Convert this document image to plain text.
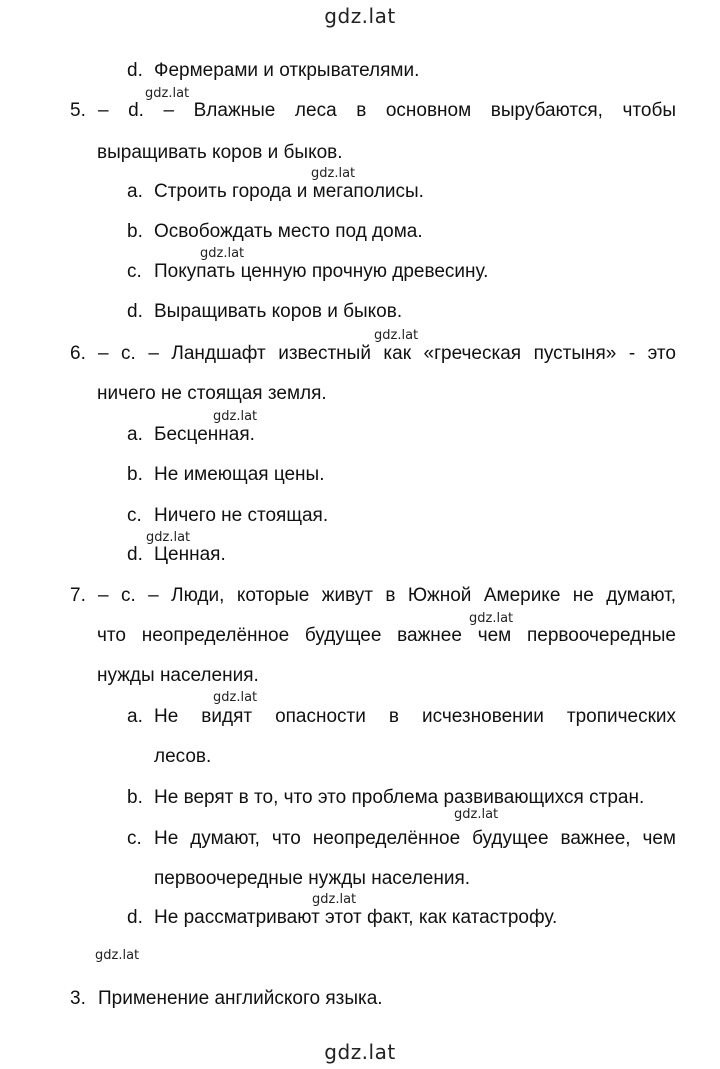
gdz.lat
gdz.lat
gdz.lat
gdz.lat
gdz.lat
gdz.lat
gdz.lat
gdz.lat
gdz.lat
gdz.lat
gdz.lat
gdz.lat
gdz.lat
d. Фермерами и открывателями.
5. – d. – Влажные леса в основном вырубаются, чтобы
выращивать коров и быков.
a. Строить города и мегаполисы.
b. Освобождать место под дома.
c. Покупать ценную прочную древесину.
d. Выращивать коров и быков.
6. – c. – Ландшафт известный как «греческая пустыня» - это
ничего не стоящая земля.
a. Бесценная.
b. Не имеющая цены.
c. Ничего не стоящая.
d. Ценная.
7. – c. – Люди, которые живут в Южной Америке не думают,
что неопределённое будущее важнее чем первоочередные
нужды населения.
a. Не видят опасности в исчезновении тропических
лесов.
b. Не верят в то, что это проблема развивающихся стран.
c. Не думают, что неопределённое будущее важнее, чем
первоочередные нужды населения.
d. Не рассматривают этот факт, как катастрофу.
3. Применение английского языка.
